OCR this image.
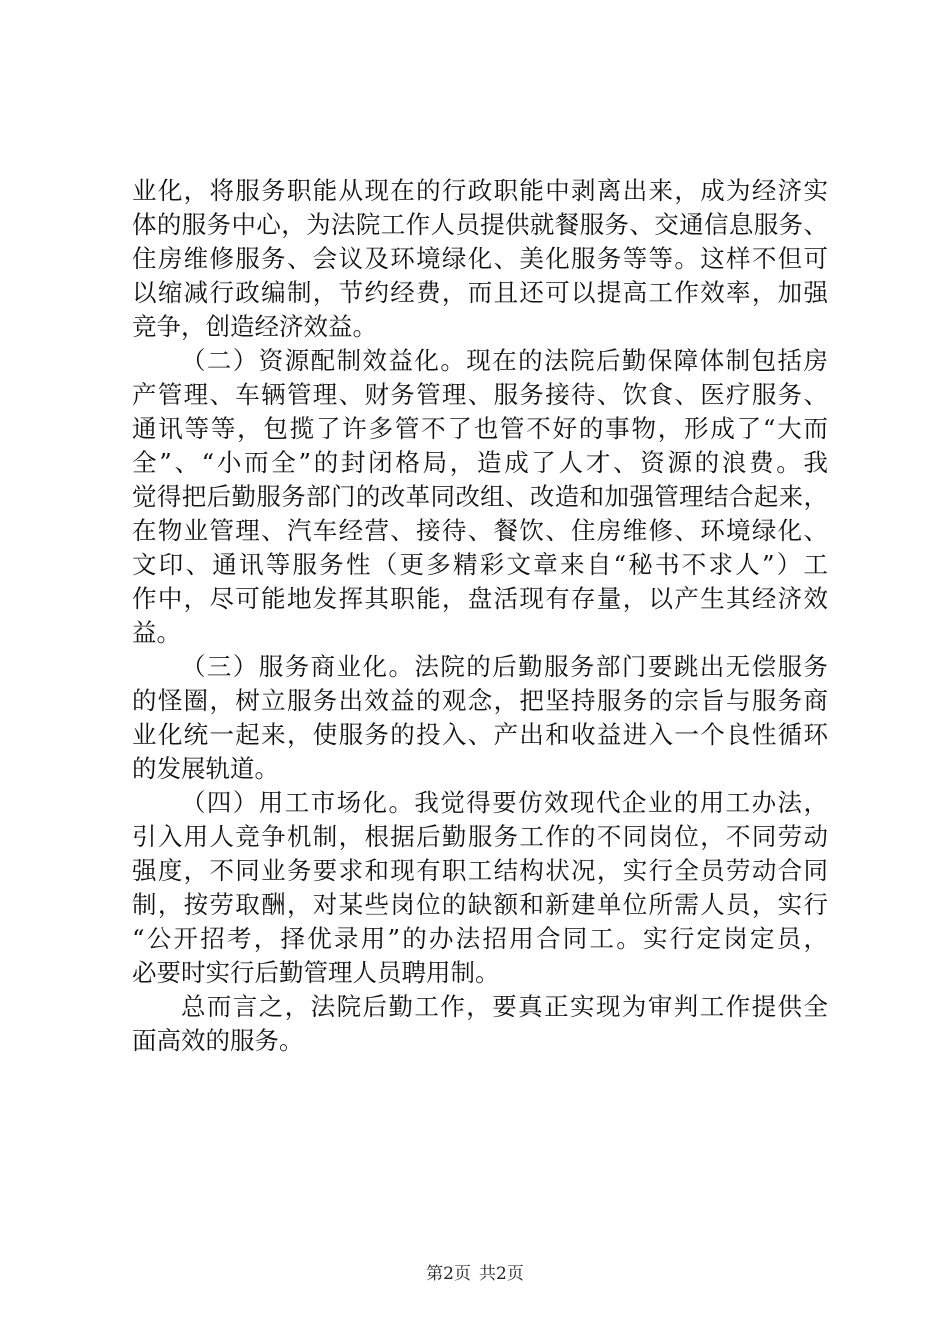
业化，将服务职能从现在的行政职能中剥离出来，成为经济实
体的服务中心，为法院工作人员提供就餐服务、交通信息服务、
住房维修服务、会议及环境绿化、美化服务等等。这样不但可
以缩减行政编制，节约经费，而且还可以提高工作效率，加强
竞争，创造经济效益。
（二）资源配制效益化。现在的法院后勤保障体制包括房
产管理、车辆管理、财务管理、服务接待、饮食、医疗服务、
通讯等等，包揽了许多管不了也管不好的事物，形成了“大而
全”、“小而全”的封闭格局，造成了人才、资源的浪费。我
觉得把后勤服务部门的改革同改组、改造和加强管理结合起来，
在物业管理、汽车经营、接待、餐饮、住房维修、环境绿化、
文印、通讯等服务性（更多精彩文章来自“秘书不求人”）工
作中，尽可能地发挥其职能，盘活现有存量，以产生其经济效
益。
（三）服务商业化。法院的后勤服务部门要跳出无偿服务
的怪圈，树立服务出效益的观念，把坚持服务的宗旨与服务商
业化统一起来，使服务的投入、产出和收益进入一个良性循环
的发展轨道。
（四）用工市场化。我觉得要仿效现代企业的用工办法，
引入用人竞争机制，根据后勤服务工作的不同岗位，不同劳动
强度，不同业务要求和现有职工结构状况，实行全员劳动合同
制，按劳取酬，对某些岗位的缺额和新建单位所需人员，实行
“公开招考，择优录用”的办法招用合同工。实行定岗定员，
必要时实行后勤管理人员聘用制。
总而言之，法院后勤工作，要真正实现为审判工作提供全
面高效的服务。
第2页 共2页
